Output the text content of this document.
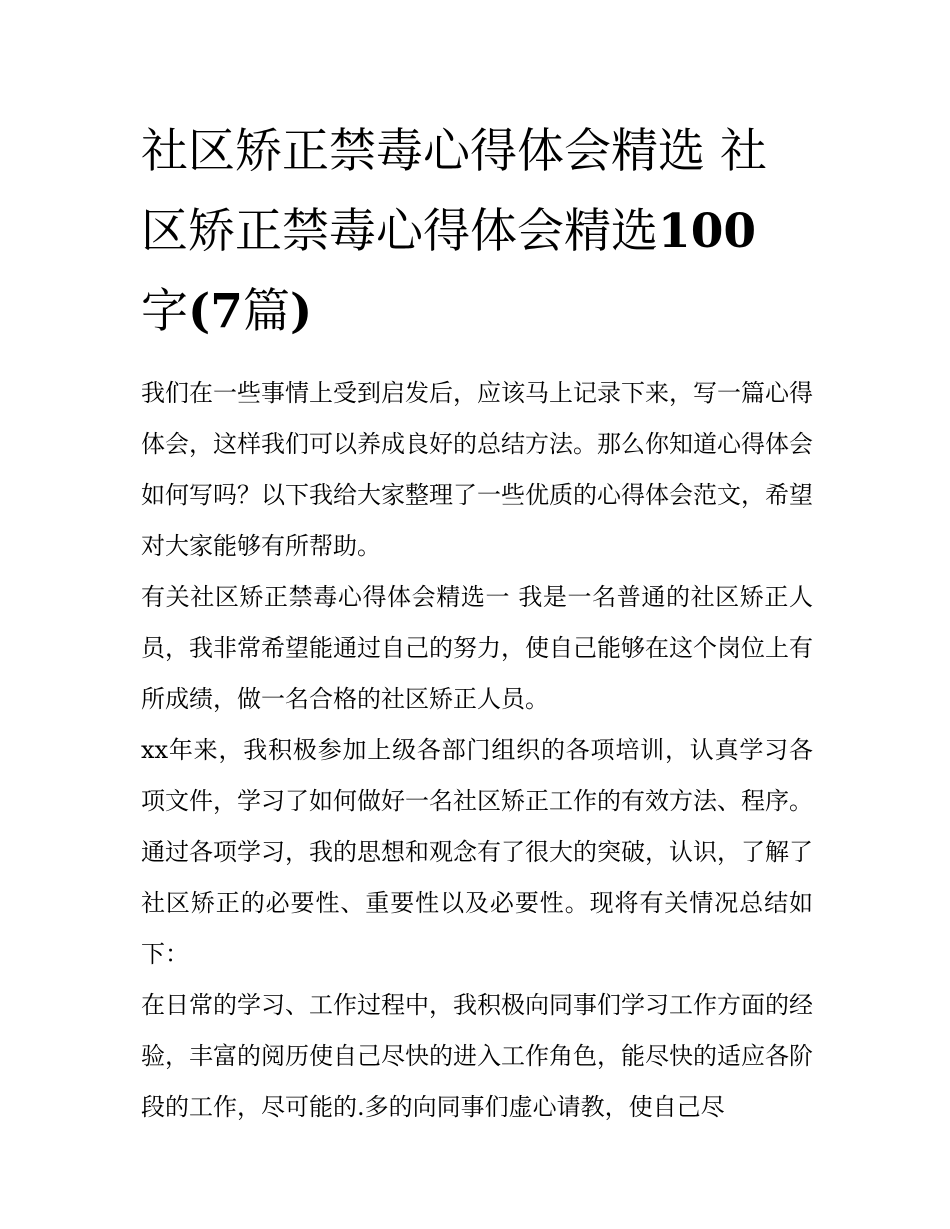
社区矫正禁毒心得体会精选 社区矫正禁毒心得体会精选100
字(7篇)

我们在一些事情上受到启发后，应该马上记录下来，写一篇心得体会，这样我们可以养成良好的总结方法。那么你知道心得体会如何写吗？以下我给大家整理了一些优质的心得体会范文，希望对大家能够有所帮助。

有关社区矫正禁毒心得体会精选一 我是一名普通的社区矫正人员，我非常希望能通过自己的努力，使自己能够在这个岗位上有所成绩，做一名合格的社区矫正人员。

xx年来，我积极参加上级各部门组织的各项培训，认真学习各项文件，学习了如何做好一名社区矫正工作的有效方法、程序。通过各项学习，我的思想和观念有了很大的突破，认识，了解了社区矫正的必要性、重要性以及必要性。现将有关情况总结如下：

在日常的学习、工作过程中，我积极向同事们学习工作方面的经验，丰富的阅历使自己尽快的进入工作角色，能尽快的适应各阶段的工作，尽可能的.多的向同事们虚心请教，使自己尽
